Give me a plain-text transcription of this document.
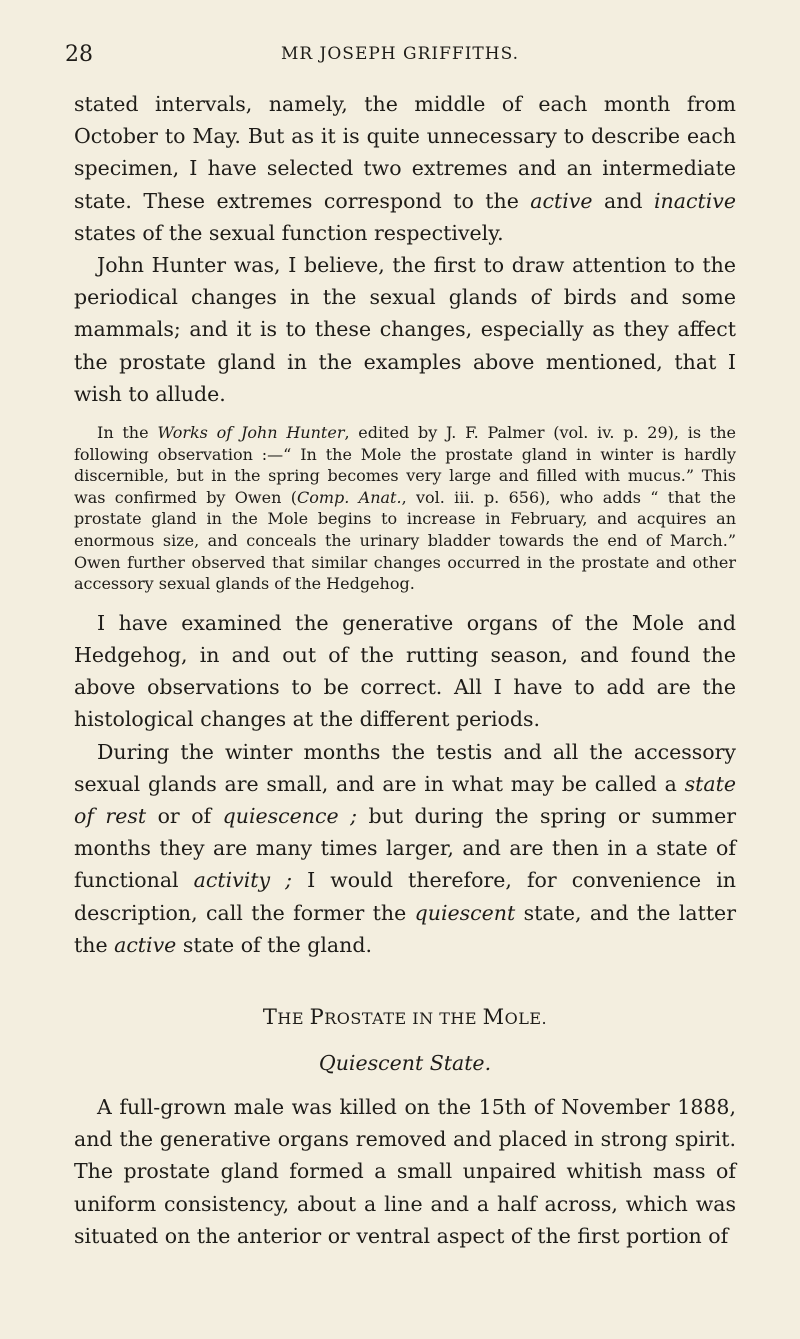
28	MR JOSEPH GRIFFITHS.

stated intervals, namely, the middle of each month from October to May. But as it is quite unnecessary to describe each specimen, I have selected two extremes and an intermediate state. These extremes correspond to the active and inactive states of the sexual function respectively.

John Hunter was, I believe, the first to draw attention to the periodical changes in the sexual glands of birds and some mammals; and it is to these changes, especially as they affect the prostate gland in the examples above mentioned, that I wish to allude.

In the Works of John Hunter, edited by J. F. Palmer (vol. iv. p. 29), is the following observation :—“ In the Mole the prostate gland in winter is hardly discernible, but in the spring becomes very large and filled with mucus.” This was confirmed by Owen (Comp. Anat., vol. iii. p. 656), who adds “ that the prostate gland in the Mole begins to increase in February, and acquires an enormous size, and conceals the urinary bladder towards the end of March.” Owen further observed that similar changes occurred in the prostate and other accessory sexual glands of the Hedgehog.

I have examined the generative organs of the Mole and Hedgehog, in and out of the rutting season, and found the above observations to be correct. All I have to add are the histological changes at the different periods.

During the winter months the testis and all the accessory sexual glands are small, and are in what may be called a state of rest or of quiescence ; but during the spring or summer months they are many times larger, and are then in a state of functional activity ; I would therefore, for convenience in description, call the former the quiescent state, and the latter the active state of the gland.

THE PROSTATE IN THE MOLE.
Quiescent State.

A full-grown male was killed on the 15th of November 1888, and the generative organs removed and placed in strong spirit. The prostate gland formed a small unpaired whitish mass of uniform consistency, about a line and a half across, which was situated on the anterior or ventral aspect of the first portion of
